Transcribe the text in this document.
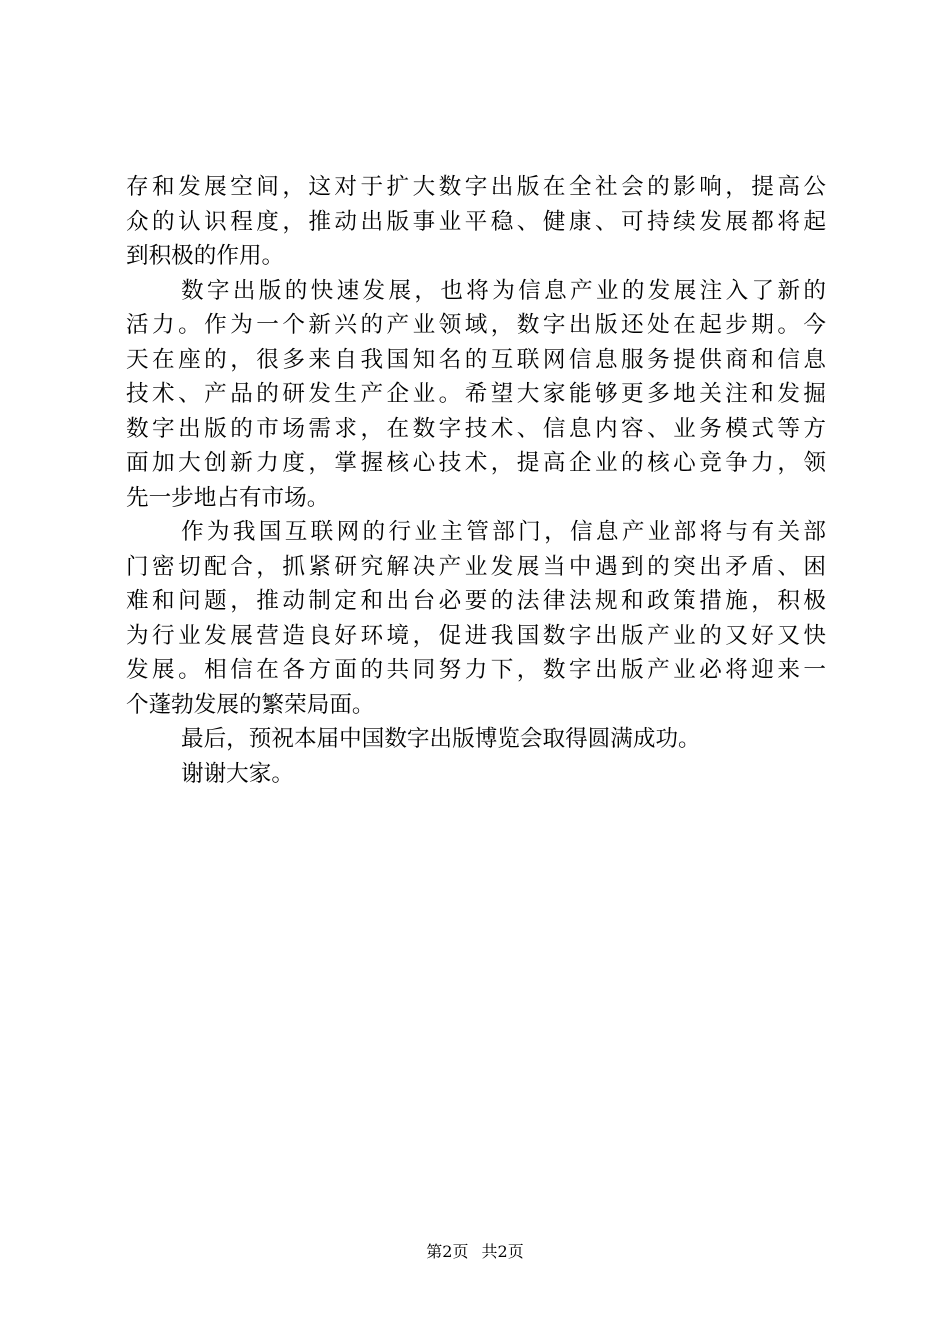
存和发展空间，这对于扩大数字出版在全社会的影响，提高公
众的认识程度，推动出版事业平稳、健康、可持续发展都将起
到积极的作用。
数字出版的快速发展，也将为信息产业的发展注入了新的
活力。作为一个新兴的产业领域，数字出版还处在起步期。今
天在座的，很多来自我国知名的互联网信息服务提供商和信息
技术、产品的研发生产企业。希望大家能够更多地关注和发掘
数字出版的市场需求，在数字技术、信息内容、业务模式等方
面加大创新力度，掌握核心技术，提高企业的核心竞争力，领
先一步地占有市场。
作为我国互联网的行业主管部门，信息产业部将与有关部
门密切配合，抓紧研究解决产业发展当中遇到的突出矛盾、困
难和问题，推动制定和出台必要的法律法规和政策措施，积极
为行业发展营造良好环境，促进我国数字出版产业的又好又快
发展。相信在各方面的共同努力下，数字出版产业必将迎来一
个蓬勃发展的繁荣局面。
最后，预祝本届中国数字出版博览会取得圆满成功。
谢谢大家。
第2页 共2页
